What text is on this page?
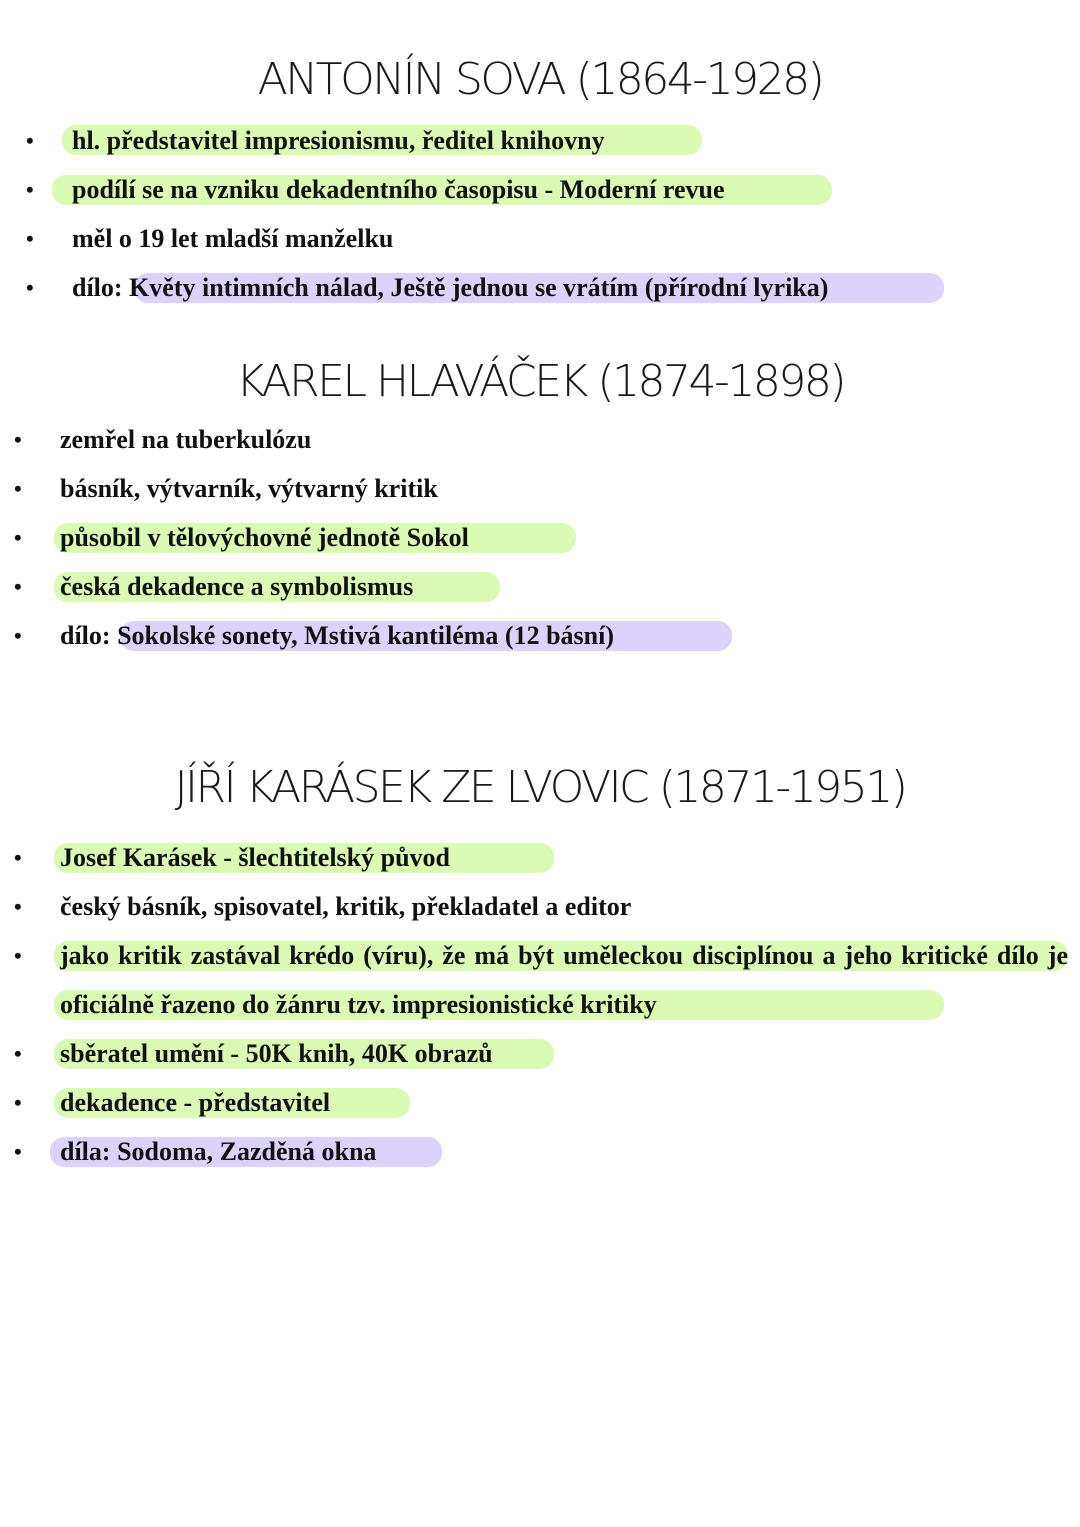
ANTONÍN SOVA (1864-1928)
• hl. představitel impresionismu, ředitel knihovny
• podílí se na vzniku dekadentního časopisu - Moderní revue
• měl o 19 let mladší manželku
• dílo: Květy intimních nálad, Ještě jednou se vrátím (přírodní lyrika)
KAREL HLAVÁČEK (1874-1898)
• zemřel na tuberkulózu
• básník, výtvarník, výtvarný kritik
• působil v tělovýchovné jednotě Sokol
• česká dekadence a symbolismus
• dílo: Sokolské sonety, Mstivá kantiléma (12 básní)
JÍŘÍ KARÁSEK ZE LVOVIC (1871-1951)
• Josef Karásek - šlechtitelský původ
• český básník, spisovatel, kritik, překladatel a editor
• jako kritik zastával krédo (víru), že má být uměleckou disciplínou a jeho kritické dílo je oficiálně řazeno do žánru tzv. impresionistické kritiky
• sběratel umění - 50K knih, 40K obrazů
• dekadence - představitel
• díla: Sodoma, Zazděná okna
